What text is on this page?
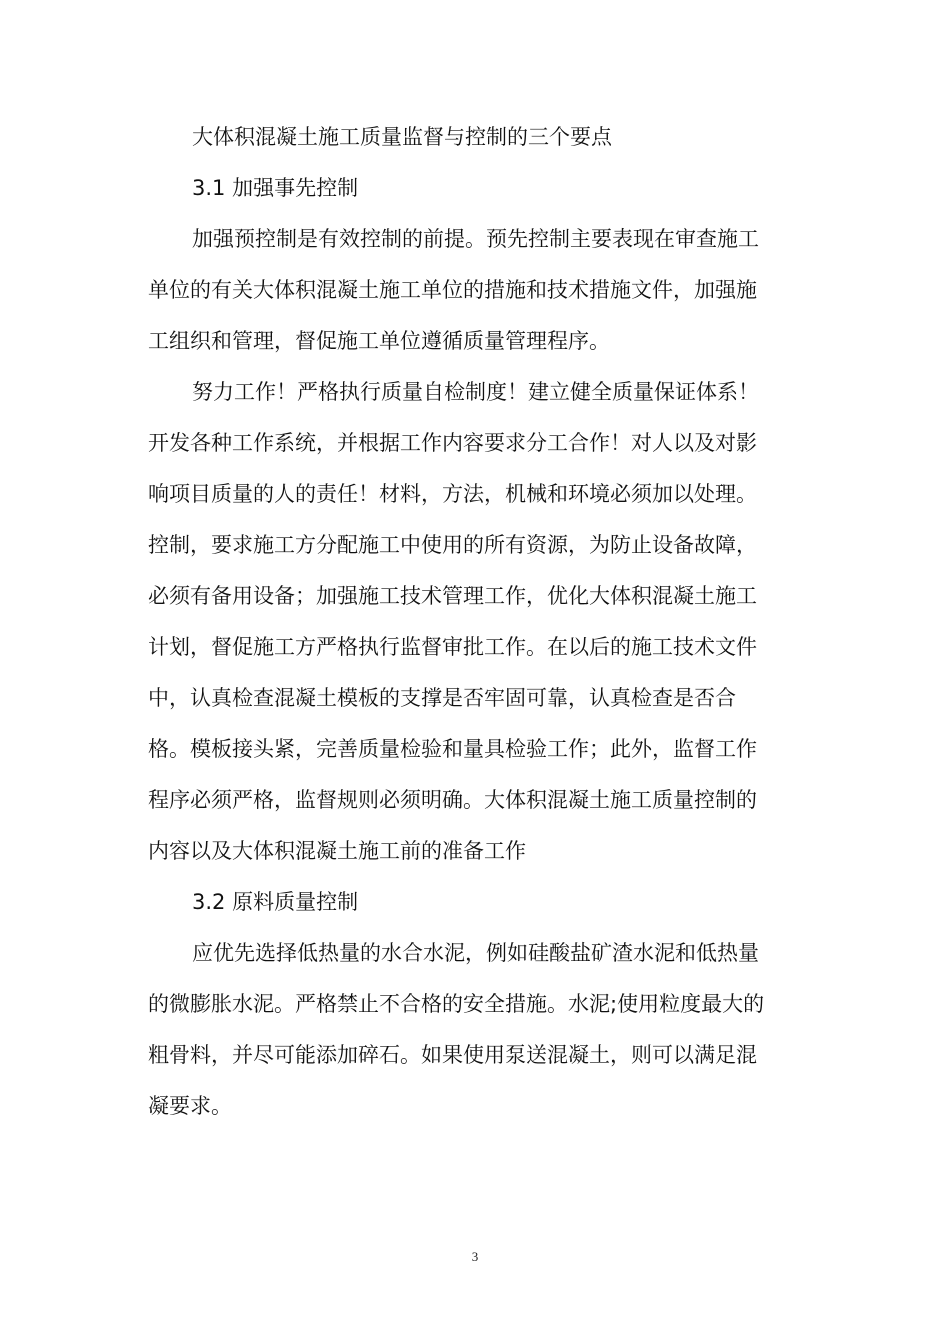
大体积混凝土施工质量监督与控制的三个要点
3.1 加强事先控制
加强预控制是有效控制的前提。预先控制主要表现在审查施工
单位的有关大体积混凝土施工单位的措施和技术措施文件，加强施
工组织和管理，督促施工单位遵循质量管理程序。
努力工作！严格执行质量自检制度！建立健全质量保证体系！
开发各种工作系统，并根据工作内容要求分工合作！对人以及对影
响项目质量的人的责任！材料，方法，机械和环境必须加以处理。
控制，要求施工方分配施工中使用的所有资源，为防止设备故障，
必须有备用设备；加强施工技术管理工作，优化大体积混凝土施工
计划，督促施工方严格执行监督审批工作。在以后的施工技术文件
中，认真检查混凝土模板的支撑是否牢固可靠，认真检查是否合
格。模板接头紧，完善质量检验和量具检验工作；此外，监督工作
程序必须严格，监督规则必须明确。大体积混凝土施工质量控制的
内容以及大体积混凝土施工前的准备工作
3.2 原料质量控制
应优先选择低热量的水合水泥，例如硅酸盐矿渣水泥和低热量
的微膨胀水泥。严格禁止不合格的安全措施。水泥;使用粒度最大的
粗骨料，并尽可能添加碎石。如果使用泵送混凝土，则可以满足混
凝要求。
3
